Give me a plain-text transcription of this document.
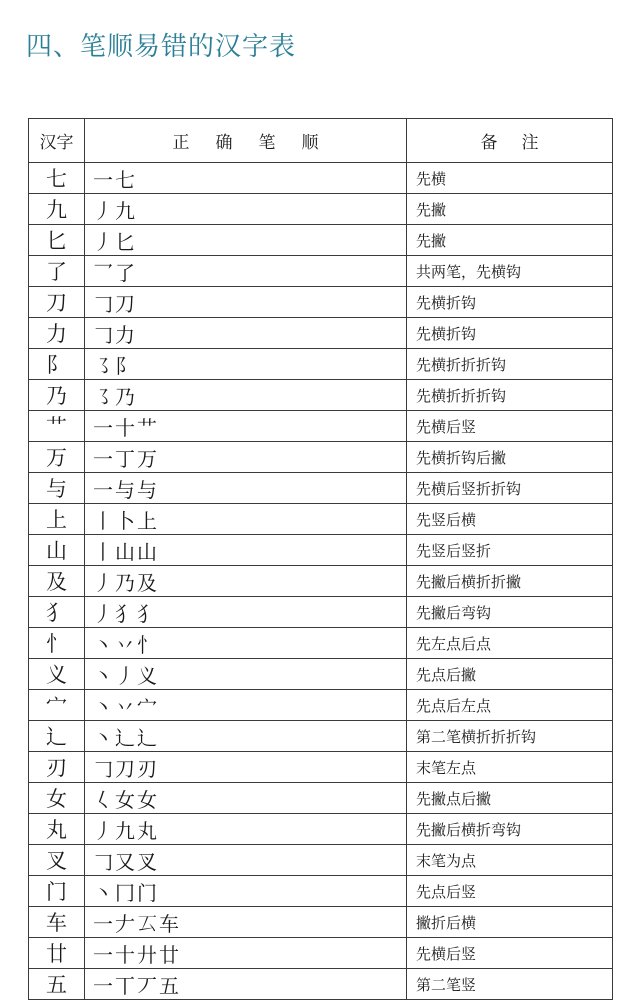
四、笔顺易错的汉字表
汉字	正确笔顺	备注
七	一七	先横
九	丿九	先撇
匕	丿匕	先撇
了	乛了	共两笔，先横钩
刀	𠃌刀	先横折钩
力	𠃌力	先横折钩
阝	㇌阝	先横折折折钩
乃	㇌乃	先横折折折钩
艹	一十艹	先横后竖
万	一丁万	先横折钩后撇
与	一与与	先横后竖折折钩
上	丨卜上	先竖后横
山	丨山山	先竖后竖折
及	丿乃及	先撇后横折折撇
犭	丿犭犭	先撇后弯钩
忄	丶丷忄	先左点后点
义	丶丿义	先点后撇
宀	丶丷宀	先点后左点
辶	丶辶辶	第二笔横折折折钩
刃	𠃌刀刃	末笔左点
女	𡿨女女	先撇点后撇
丸	丿九丸	先撇后横折弯钩
叉	𠃌又叉	末笔为点
门	丶冂门	先点后竖
车	一𠂇𠫔车	撇折后横
廿	一十廾廿	先横后竖
五	一丅丆五	第二笔竖
